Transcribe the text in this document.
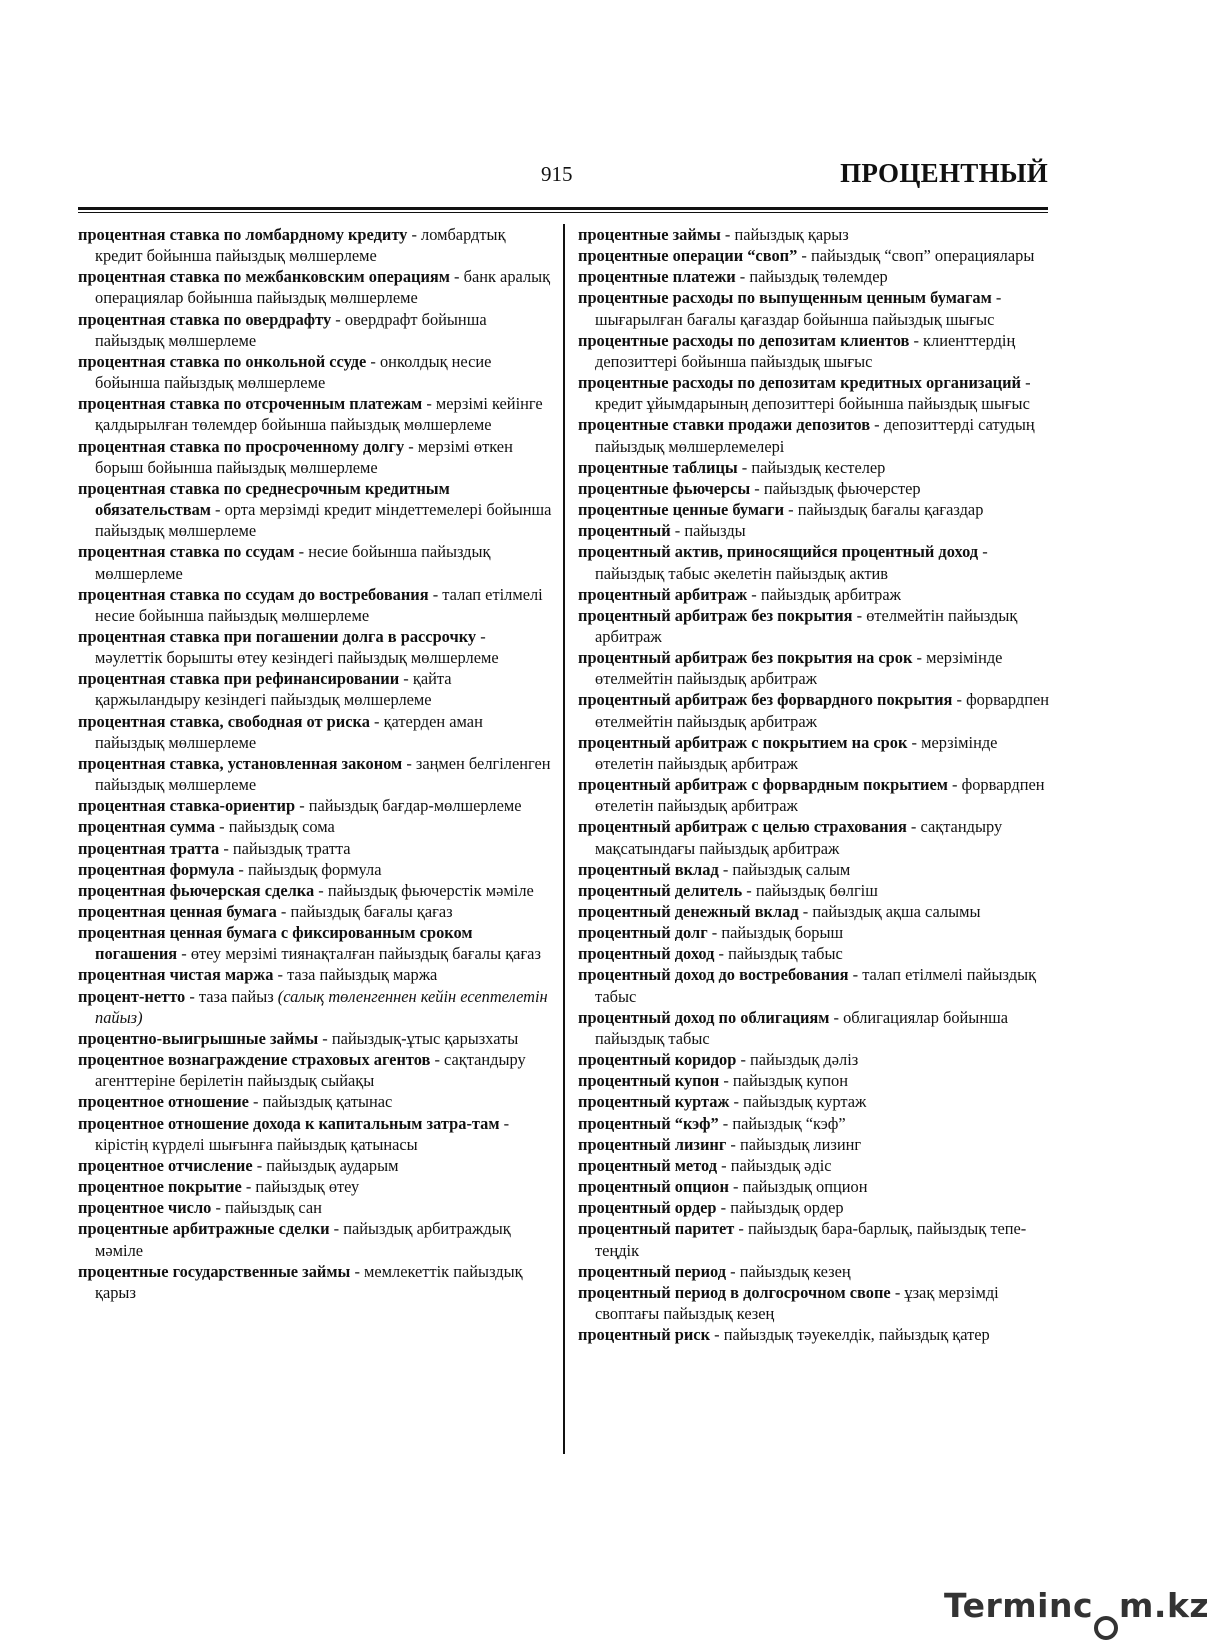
915	ПРОЦЕНТНЫЙ

процентная ставка по ломбардному кредиту - ломбардтық кредит бойынша пайыздық мөлшерлеме

процентная ставка по межбанковским операциям - банк аралық операциялар бойынша пайыздық мөлшерлеме

процентная ставка по овердрафту - овердрафт бойынша пайыздық мөлшерлеме

процентная ставка по онкольной ссуде - онколдық несие бойынша пайыздық мөлшерлеме

процентная ставка по отсроченным платежам - мерзімі кейінге қалдырылған төлемдер бойынша пайыздық мөлшерлеме

процентная ставка по просроченному долгу - мерзімі өткен борыш бойынша пайыздық мөлшерлеме

процентная ставка по среднесрочным кредитным обязательствам - орта мерзімді кредит міндеттемелері бойынша пайыздық мөлшерлеме

процентная ставка по ссудам - несие бойынша пайыздық мөлшерлеме

процентная ставка по ссудам до востребования - талап етілмелі несие бойынша пайыздық мөлшерлеме

процентная ставка при погашении долга в рассрочку - мәулеттік борышты өтеу кезіндегі пайыздық мөлшерлеме

процентная ставка при рефинансировании - қайта қаржыландыру кезіндегі пайыздық мөлшерлеме

процентная ставка, свободная от риска - қатерден аман пайыздық мөлшерлеме

процентная ставка, установленная законом - заңмен белгіленген пайыздық мөлшерлеме

процентная ставка-ориентир - пайыздық бағдар-мөлшерлеме

процентная сумма - пайыздық сома

процентная тратта - пайыздық тратта

процентная формула - пайыздық формула

процентная фьючерская сделка - пайыздық фьючерстік мәміле

процентная ценная бумага - пайыздық бағалы қағаз

процентная ценная бумага с фиксированным сроком погашения - өтеу мерзімі тиянақталған пайыздық бағалы қағаз

процентная чистая маржа - таза пайыздық маржа

процент-нетто - таза пайыз (салық төленгеннен кейін есептелетін пайыз)

процентно-выигрышные займы - пайыздық-ұтыс қарызхаты

процентное вознаграждение страховых агентов - сақтандыру агенттеріне берілетін пайыздық сыйақы

процентное отношение - пайыздық қатынас

процентное отношение дохода к капитальным затра-там - кірістің күрделі шығынға пайыздық қатынасы

процентное отчисление - пайыздық аударым

процентное покрытие - пайыздық өтеу

процентное число - пайыздық сан

процентные арбитражные сделки - пайыздық арбитраждық мәміле

процентные государственные займы - мемлекеттік пайыздық қарыз

процентные займы - пайыздық қарыз

процентные операции “своп” - пайыздық “своп” операциялары

процентные платежи - пайыздық төлемдер

процентные расходы по выпущенным ценным бумагам - шығарылған бағалы қағаздар бойынша пайыздық шығыс

процентные расходы по депозитам клиентов - клиенттердің депозиттері бойынша пайыздық шығыс

процентные расходы по депозитам кредитных организаций - кредит ұйымдарының депозиттері бойынша пайыздық шығыс

процентные ставки продажи депозитов - депозиттерді сатудың пайыздық мөлшерлемелері

процентные таблицы - пайыздық кестелер

процентные фьючерсы - пайыздық фьючерстер

процентные ценные бумаги - пайыздық бағалы қағаздар

процентный - пайызды

процентный актив, приносящийся процентный доход - пайыздық табыс әкелетін пайыздық актив

процентный арбитраж - пайыздық арбитраж

процентный арбитраж без покрытия - өтелмейтін пайыздық арбитраж

процентный арбитраж без покрытия на срок - мерзімінде өтелмейтін пайыздық арбитраж

процентный арбитраж без форвардного покрытия - форвардпен өтелмейтін пайыздық арбитраж

процентный арбитраж с покрытием на срок - мерзімінде өтелетін пайыздық арбитраж

процентный арбитраж с форвардным покрытием - форвардпен өтелетін пайыздық арбитраж

процентный арбитраж с целью страхования - сақтандыру мақсатындағы пайыздық арбитраж

процентный вклад - пайыздық салым

процентный делитель - пайыздық бөлгіш

процентный денежный вклад - пайыздық ақша салымы

процентный долг - пайыздық борыш

процентный доход - пайыздық табыс

процентный доход до востребования - талап етілмелі пайыздық табыс

процентный доход по облигациям - облигациялар бойынша пайыздық табыс

процентный коридор - пайыздық дәліз

процентный купон - пайыздық купон

процентный куртаж - пайыздық куртаж

процентный “кэф” - пайыздық “кэф”

процентный лизинг - пайыздық лизинг

процентный метод - пайыздық әдіс

процентный опцион - пайыздық опцион

процентный ордер - пайыздық ордер

процентный паритет - пайыздық бара-барлық, пайыздық тепе-теңдік

процентный период - пайыздық кезең

процентный период в долгосрочном свопе - ұзақ мерзімді своптағы пайыздық кезең

процентный риск - пайыздық тәуекелдік, пайыздық қатер

Terminc m.kz
